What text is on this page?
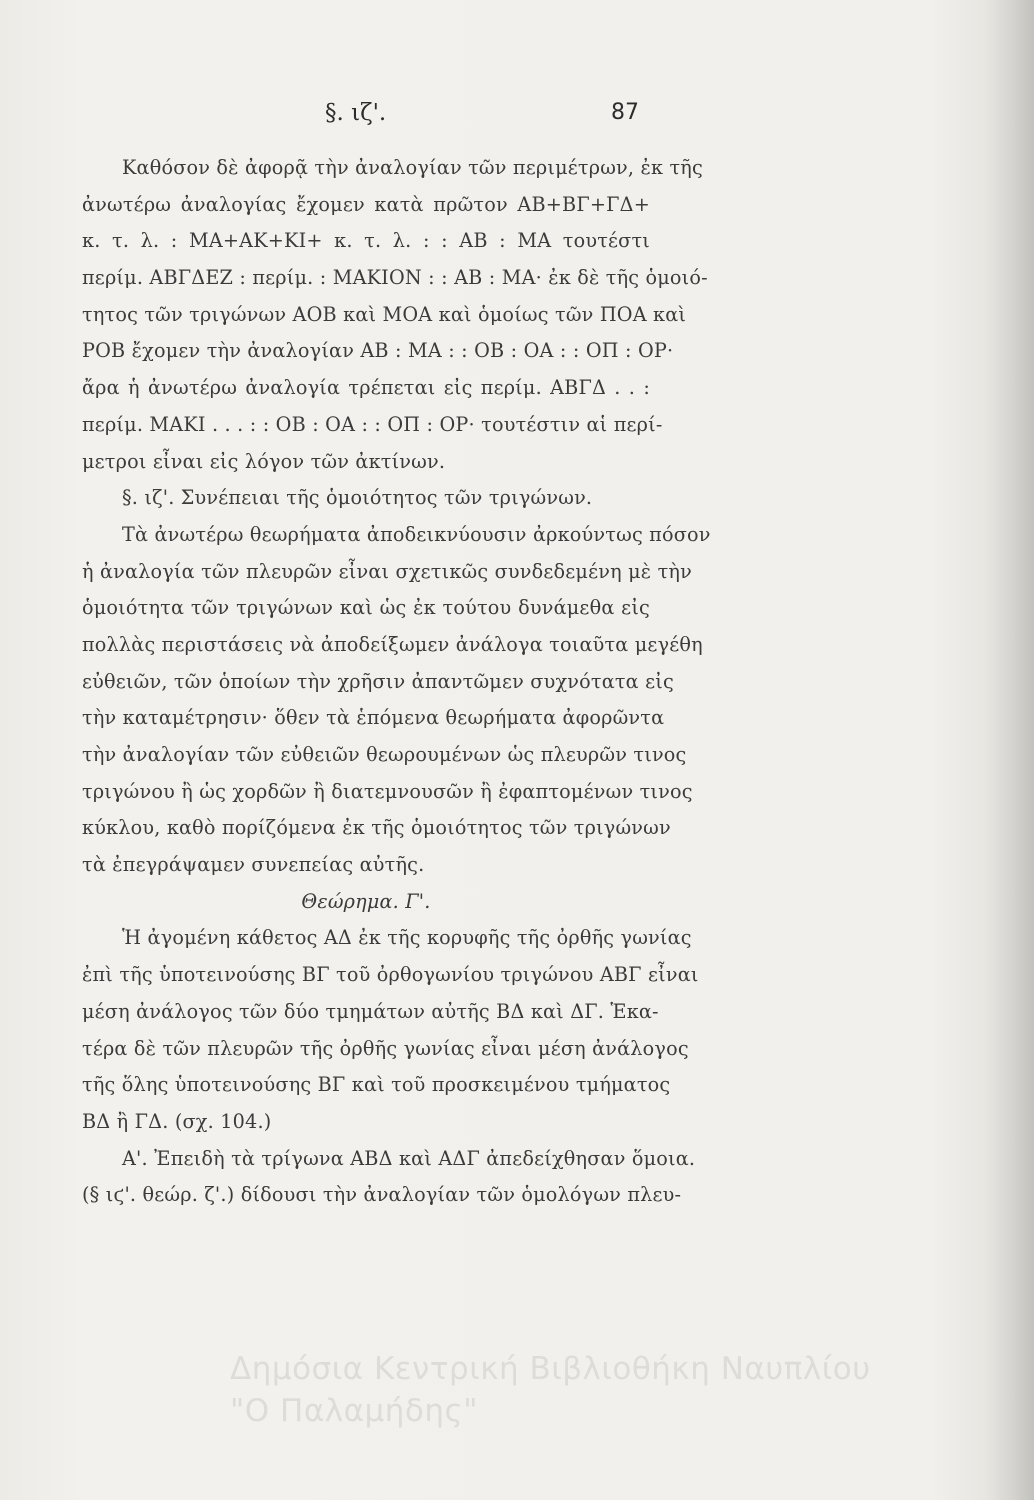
§. ιζ'.	87
Καθόσον δὲ ἀφορᾷ τὴν ἀναλογίαν τῶν περιμέτρων, ἐκ τῆς
ἀνωτέρω ἀναλογίας ἔχομεν κατὰ πρῶτον ΑΒ+ΒΓ+ΓΔ+
κ. τ. λ. : ΜΑ+ΑΚ+ΚΙ+ κ. τ. λ. : : ΑΒ : ΜΑ τουτέστι
περίμ. ΑΒΓΔΕΖ : περίμ. : ΜΑΚΙΟΝ : : ΑΒ : ΜΑ· ἐκ δὲ τῆς ὁμοιό-
τητος τῶν τριγώνων ΑΟΒ καὶ ΜΟΑ καὶ ὁμοίως τῶν ΠΟΑ καὶ
ΡΟΒ ἔχομεν τὴν ἀναλογίαν ΑΒ : ΜΑ : : ΟΒ : ΟΑ : : ΟΠ : ΟΡ·
ἄρα ἡ ἀνωτέρω ἀναλογία τρέπεται εἰς περίμ. ΑΒΓΔ . . :
περίμ. ΜΑΚΙ . . . : : ΟΒ : ΟΑ : : ΟΠ : ΟΡ· τουτέστιν αἱ περί-
μετροι εἶναι εἰς λόγον τῶν ἀκτίνων.
§. ιζ'. Συνέπειαι τῆς ὁμοιότητος τῶν τριγώνων.
Τὰ ἀνωτέρω θεωρήματα ἀποδεικνύουσιν ἀρκούντως πόσον
ἡ ἀναλογία τῶν πλευρῶν εἶναι σχετικῶς συνδεδεμένη μὲ τὴν
ὁμοιότητα τῶν τριγώνων καὶ ὡς ἐκ τούτου δυνάμεθα εἰς
πολλὰς περιστάσεις νὰ ἀποδείξωμεν ἀνάλογα τοιαῦτα μεγέθη
εὐθειῶν, τῶν ὁποίων τὴν χρῆσιν ἀπαντῶμεν συχνότατα εἰς
τὴν καταμέτρησιν· ὅθεν τὰ ἑπόμενα θεωρήματα ἀφορῶντα
τὴν ἀναλογίαν τῶν εὐθειῶν θεωρουμένων ὡς πλευρῶν τινος
τριγώνου ἢ ὡς χορδῶν ἢ διατεμνουσῶν ἢ ἐφαπτομένων τινος
κύκλου, καθὸ πορίζόμενα ἐκ τῆς ὁμοιότητος τῶν τριγώνων
τὰ ἐπεγράψαμεν συνεπείας αὐτῆς.
Θεώρημα. Γ'.
Ἡ ἀγομένη κάθετος ΑΔ ἐκ τῆς κορυφῆς τῆς ὀρθῆς γωνίας
ἐπὶ τῆς ὑποτεινούσης ΒΓ τοῦ ὀρθογωνίου τριγώνου ΑΒΓ εἶναι
μέση ἀνάλογος τῶν δύο τμημάτων αὐτῆς ΒΔ καὶ ΔΓ. Ἑκα-
τέρα δὲ τῶν πλευρῶν τῆς ὀρθῆς γωνίας εἶναι μέση ἀνάλογος
τῆς ὅλης ὑποτεινούσης ΒΓ καὶ τοῦ προσκειμένου τμήματος
ΒΔ ἢ ΓΔ. (σχ. 104.)
Α'. Ἐπειδὴ τὰ τρίγωνα ΑΒΔ καὶ ΑΔΓ ἀπεδείχθησαν ὅμοια.
(§ ιϛ'. θεώρ. ζ'.) δίδουσι τὴν ἀναλογίαν τῶν ὁμολόγων πλευ-
Δημόσια Κεντρική Βιβλιοθήκη Ναυπλίου
"Ο Παλαμήδης"
